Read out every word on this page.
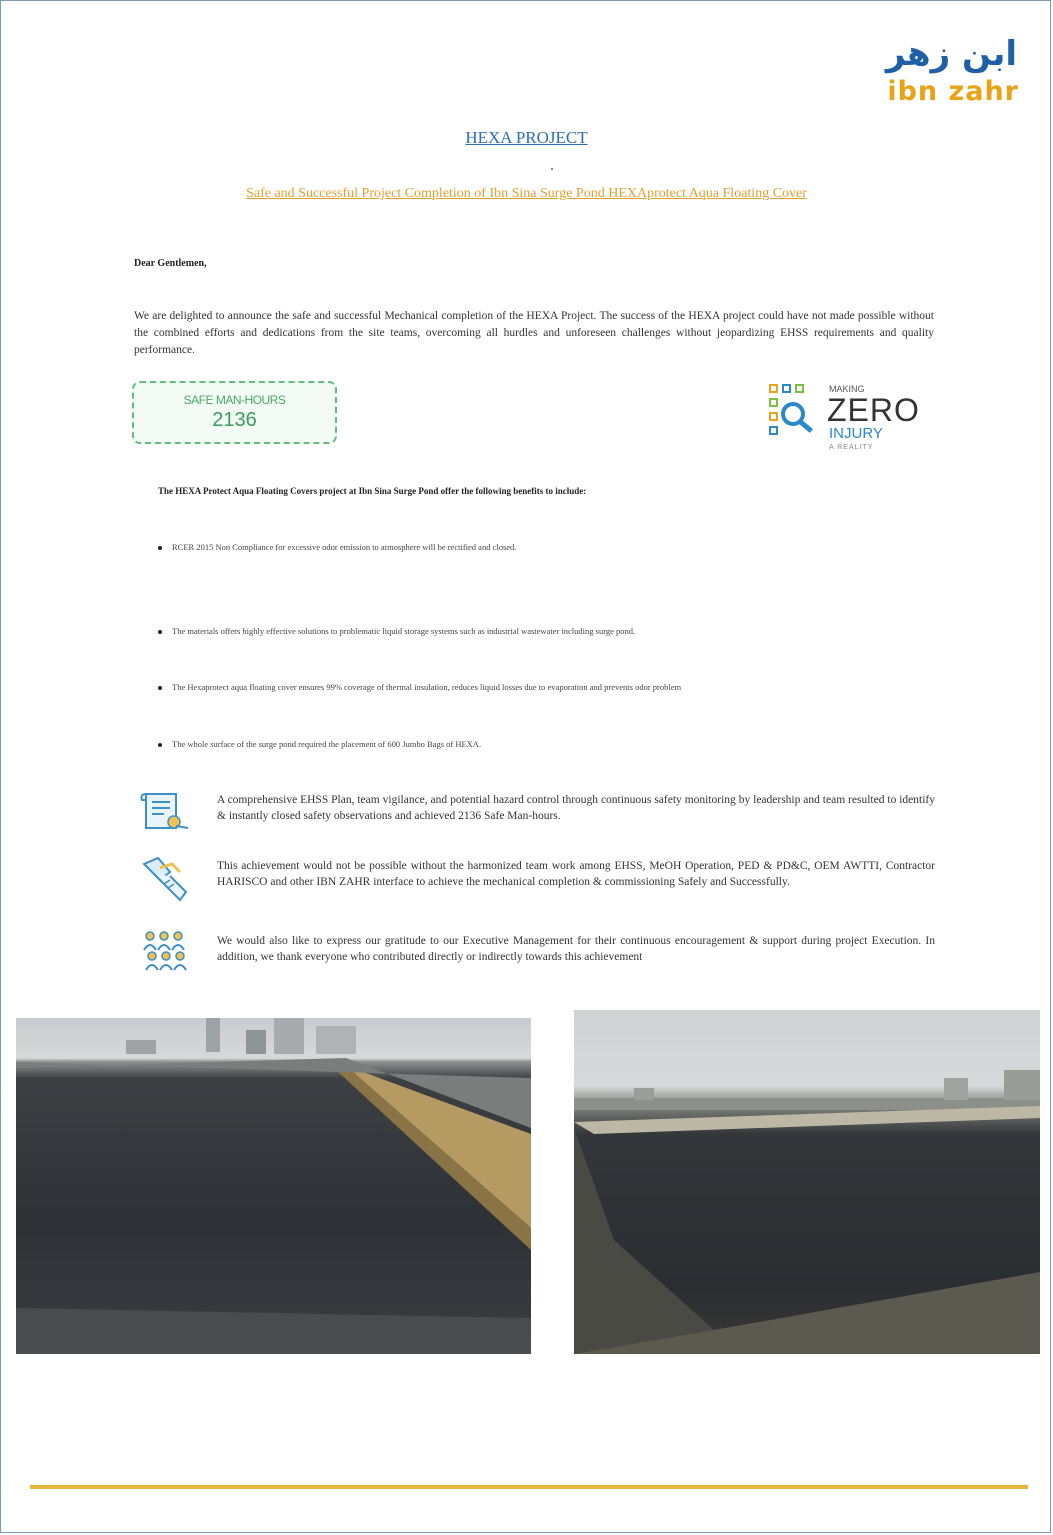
ابن زهر
ibn zahr
HEXA PROJECT
Safe and Successful Project Completion of Ibn Sina Surge Pond HEXAprotect Aqua Floating Cover
Dear Gentlemen,
We are delighted to announce the safe and successful Mechanical completion of the HEXA Project. The success of the HEXA project could have not made possible without the combined efforts and dedications from the site teams, overcoming all hurdles and unforeseen challenges without jeopardizing EHSS requirements and quality performance.
SAFE MAN-HOURS
2136
MAKING
ZERO
INJURY
A REALITY
The HEXA Protect Aqua Floating Covers project at Ibn Sina Surge Pond offer the following benefits to include:
RCER 2015 Non Compliance for excessive odor emission to atmosphere will be rectified and closed.
The materials offers highly effective solutions to problematic liquid storage systems such as industrial wastewater including surge pond.
The Hexaprotect aqua floating cover ensures 99% coverage of thermal insulation, reduces liquid losses due to evaporation and prevents odor problem
The whole surface of the surge pond required the placement of 600 Jumbo Bags of HEXA.
A comprehensive EHSS Plan, team vigilance, and potential hazard control through continuous safety monitoring by leadership and team resulted to identify & instantly closed safety observations and achieved 2136 Safe Man-hours.
This achievement would not be possible without the harmonized team work among EHSS, MeOH Operation, PED & PD&C, OEM AWTTI, Contractor HARISCO and other IBN ZAHR interface to achieve the mechanical completion & commissioning Safely and Successfully.
We would also like to express our gratitude to our Executive Management for their continuous encouragement & support during project Execution. In addition, we thank everyone who contributed directly or indirectly towards this achievement
